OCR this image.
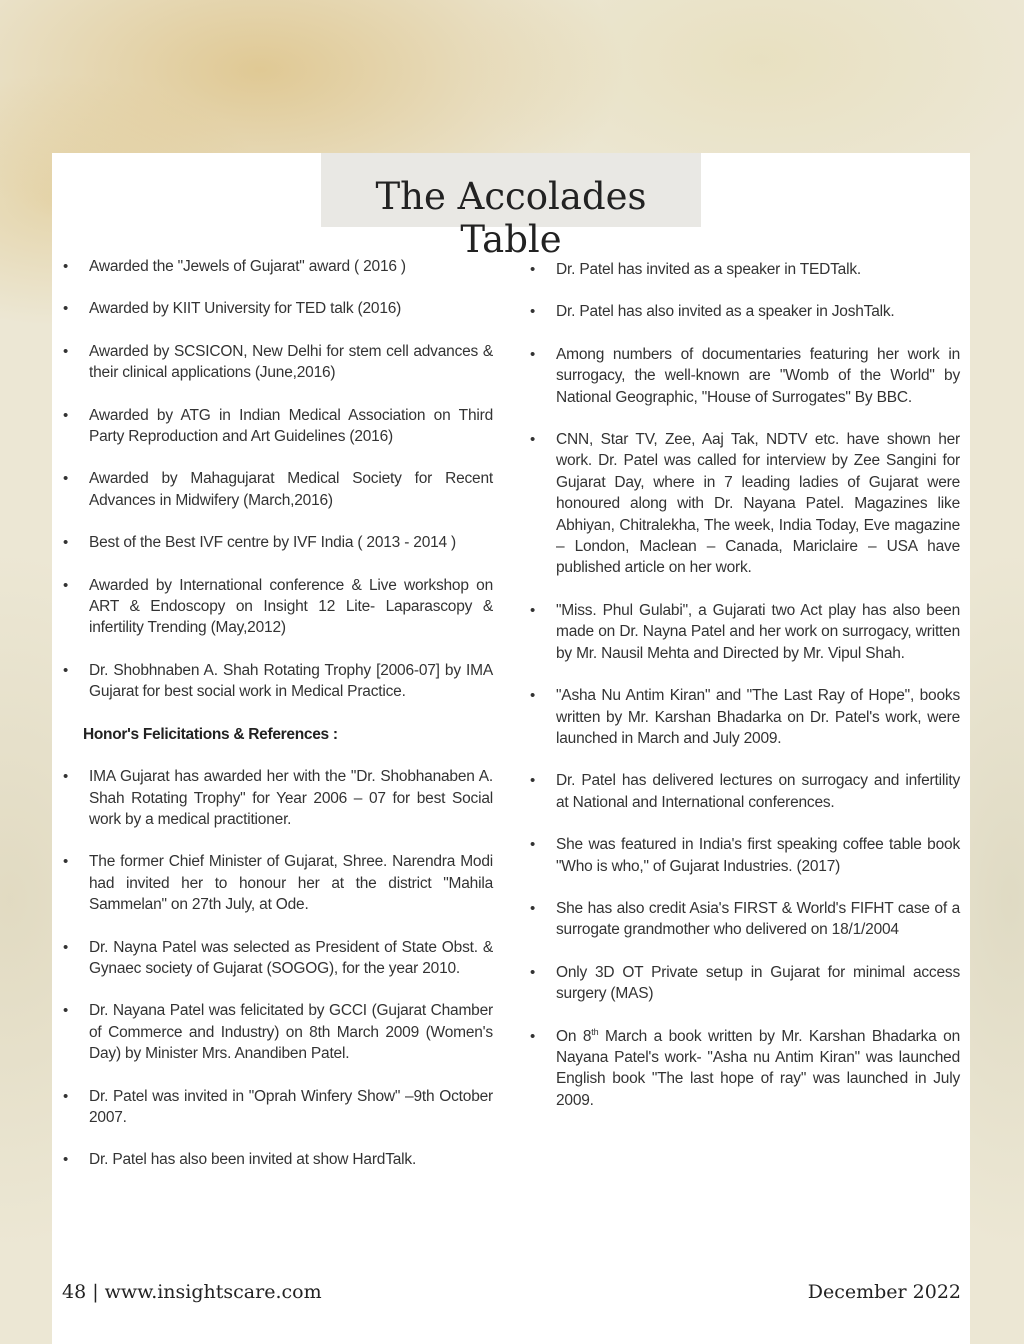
The Accolades Table
• Awarded the "Jewels of Gujarat" award ( 2016 )
• Awarded by KIIT University for TED talk (2016)
• Awarded by SCSICON, New Delhi for stem cell advances & their clinical applications (June,2016)
• Awarded by ATG in Indian Medical Association on Third Party Reproduction and Art Guidelines (2016)
• Awarded by Mahagujarat Medical Society for Recent Advances in Midwifery (March,2016)
• Best of the Best IVF centre by IVF India ( 2013 - 2014 )
• Awarded by International conference & Live workshop on ART & Endoscopy on Insight 12 Lite- Laparascopy & infertility Trending (May,2012)
• Dr. Shobhnaben A. Shah Rotating Trophy [2006-07] by IMA Gujarat for best social work in Medical Practice.
Honor's Felicitations & References :
• IMA Gujarat has awarded her with the "Dr. Shobhanaben A. Shah Rotating Trophy" for Year 2006 – 07 for best Social work by a medical practitioner.
• The former Chief Minister of Gujarat, Shree. Narendra Modi had invited her to honour her at the district "Mahila Sammelan" on 27th July, at Ode.
• Dr. Nayna Patel was selected as President of State Obst. & Gynaec society of Gujarat (SOGOG), for the year 2010.
• Dr. Nayana Patel was felicitated by GCCI (Gujarat Chamber of Commerce and Industry) on 8th March 2009 (Women's Day) by Minister Mrs. Anandiben Patel.
• Dr. Patel was invited in "Oprah Winfery Show" –9th October 2007.
• Dr. Patel has also been invited at show HardTalk.
• Dr. Patel has invited as a speaker in TEDTalk.
• Dr. Patel has also invited as a speaker in JoshTalk.
• Among numbers of documentaries featuring her work in surrogacy, the well-known are "Womb of the World" by National Geographic, "House of Surrogates" By BBC.
• CNN, Star TV, Zee, Aaj Tak, NDTV etc. have shown her work. Dr. Patel was called for interview by Zee Sangini for Gujarat Day, where in 7 leading ladies of Gujarat were honoured along with Dr. Nayana Patel. Magazines like Abhiyan, Chitralekha, The week, India Today, Eve magazine – London, Maclean – Canada, Mariclaire – USA have published article on her work.
• "Miss. Phul Gulabi", a Gujarati two Act play has also been made on Dr. Nayna Patel and her work on surrogacy, written by Mr. Nausil Mehta and Directed by Mr. Vipul Shah.
• "Asha Nu Antim Kiran" and "The Last Ray of Hope", books written by Mr. Karshan Bhadarka on Dr. Patel's work, were launched in March and July 2009.
• Dr. Patel has delivered lectures on surrogacy and infertility at National and International conferences.
• She was featured in India's first speaking coffee table book "Who is who," of Gujarat Industries. (2017)
• She has also credit Asia's FIRST & World's FIFHT case of a surrogate grandmother who delivered on 18/1/2004
• Only 3D OT Private setup in Gujarat for minimal access surgery (MAS)
• On 8th March a book written by Mr. Karshan Bhadarka on Nayana Patel's work- "Asha nu Antim Kiran" was launched English book "The last hope of ray" was launched in July 2009.
48 | www.insightscare.com	December 2022
